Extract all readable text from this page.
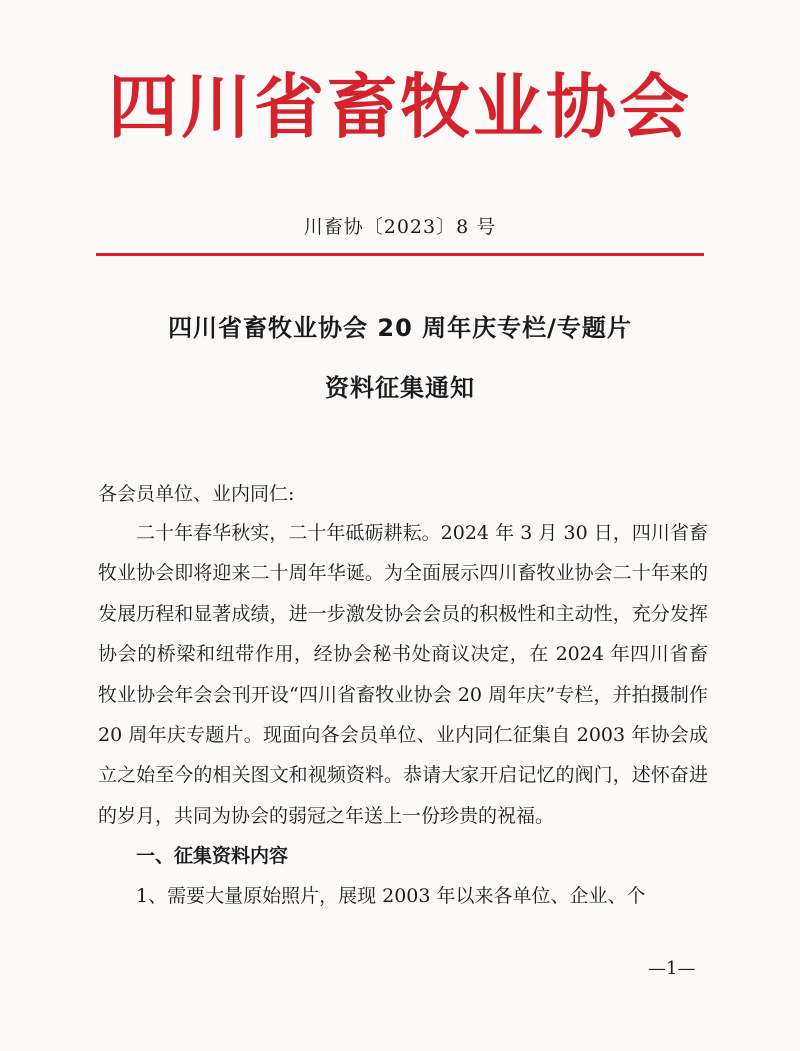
四川省畜牧业协会
川畜协〔2023〕8 号
四川省畜牧业协会 20 周年庆专栏/专题片
资料征集通知

各会员单位、业内同仁:

二十年春华秋实，二十年砥砺耕耘。2024 年 3 月 30 日，四川省畜牧业协会即将迎来二十周年华诞。为全面展示四川畜牧业协会二十年来的发展历程和显著成绩，进一步激发协会会员的积极性和主动性，充分发挥协会的桥梁和纽带作用，经协会秘书处商议决定，在 2024 年四川省畜牧业协会年会会刊开设“四川省畜牧业协会 20 周年庆”专栏，并拍摄制作 20 周年庆专题片。现面向各会员单位、业内同仁征集自 2003 年协会成立之始至今的相关图文和视频资料。恭请大家开启记忆的阀门，述怀奋进的岁月，共同为协会的弱冠之年送上一份珍贵的祝福。

一、征集资料内容

1、需要大量原始照片，展现 2003 年以来各单位、企业、个

—1—
